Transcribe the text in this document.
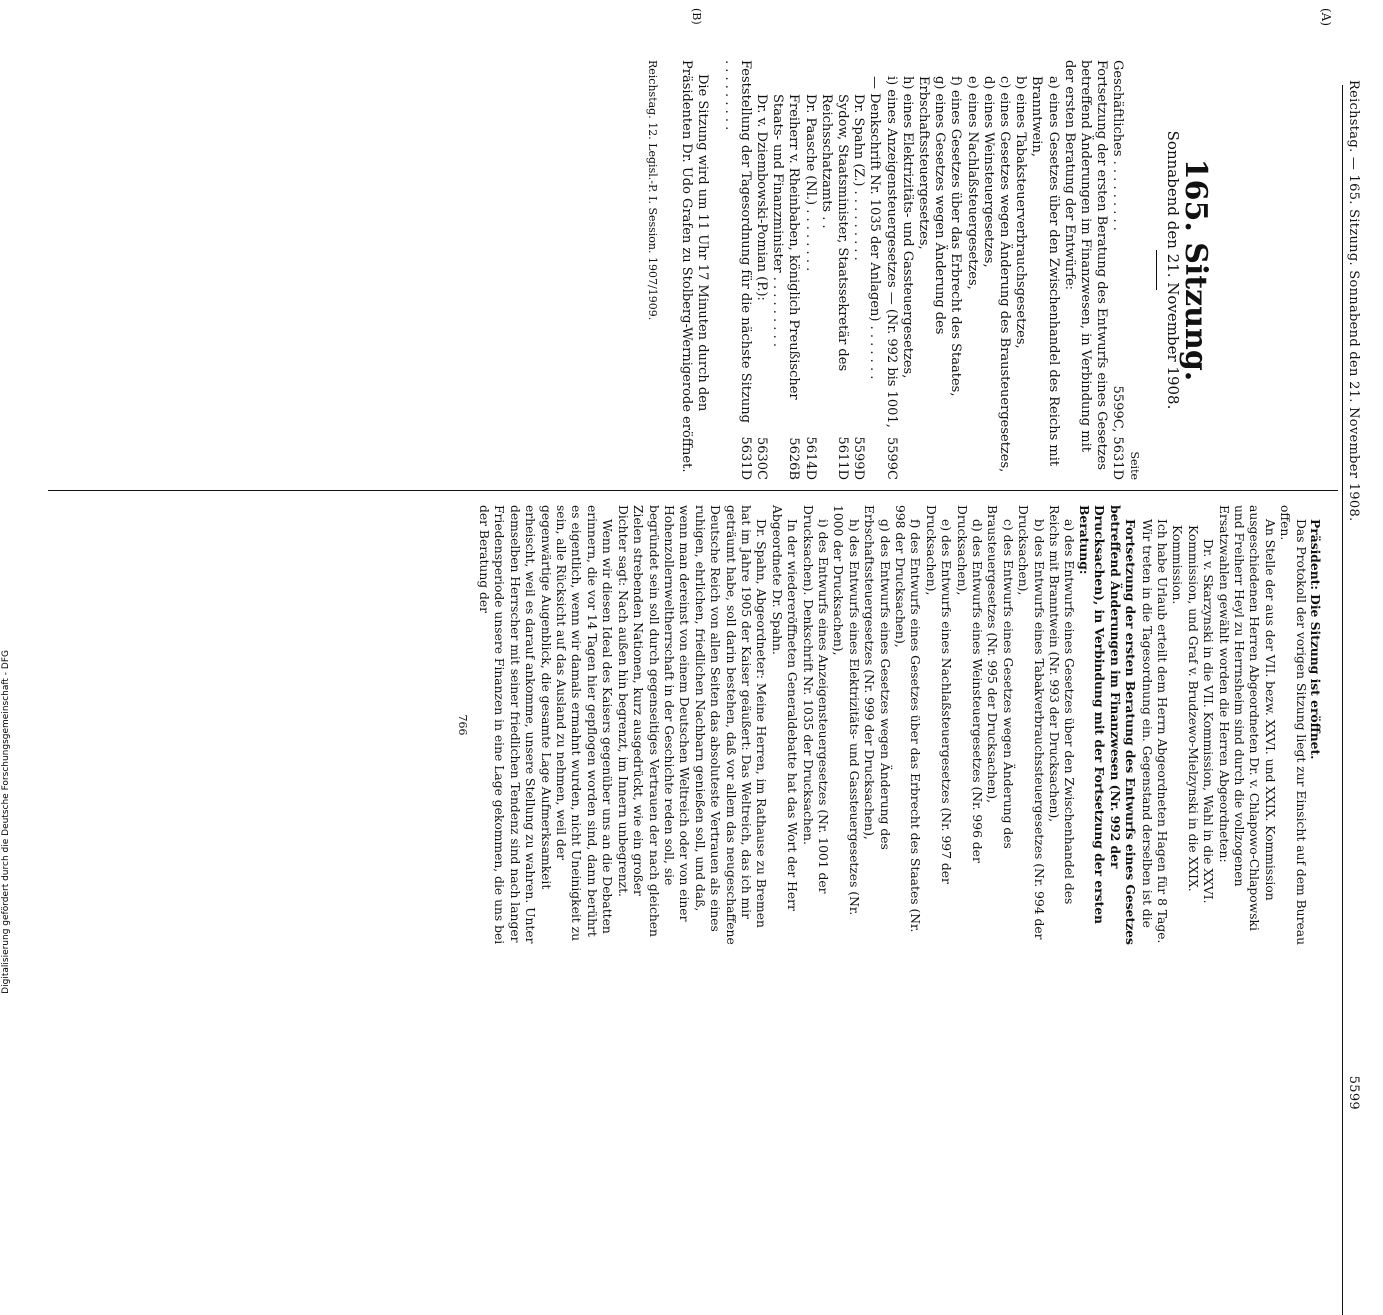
Reichstag. — 165. Sitzung. Sonnabend den 21. November 1908.
5599
(A)
(B)
165. Sitzung.
Sonnabend den 21. November 1908.
Seite
Geschäftliches . . . . . . . . .
5599C, 5631D
Fortsetzung der ersten Beratung des Entwurfs eines Gesetzes betreffend Änderungen im Finanzwesen, in Verbindung mit der ersten Beratung der Entwürfe:
a) eines Gesetzes über den Zwischenhandel des Reichs mit Branntwein,
b) eines Tabaksteuerverbrauchsgesetzes,
c) eines Gesetzes wegen Änderung des Brausteuergesetzes,
d) eines Weinsteuergesetzes,
e) eines Nachlaßsteuergesetzes,
f) eines Gesetzes über das Erbrecht des Staates,
g) eines Gesetzes wegen Änderung des Erbschaftssteuergesetzes,
h) eines Elektrizitäts- und Gassteuergesetzes,
i) eines Anzeigensteuergesetzes — (Nr. 992 bis 1001, — Denkschrift Nr. 1035 der Anlagen) . . . . . . .
5599C
Dr. Spahn (Z.) . . . . . . . . .
5599D
Sydow, Staatsminister, Staatssekretär des Reichsschatzamts . .
5611D
Dr. Paasche (Nl.) . . . . . . . .
5614D
Freiherr v. Rheinbaben, königlich Preußischer Staats- und Finanzminister . . . . . . . . .
5626B
Dr. v. Dziembowski-Pomian (P.):
5630C
Feststellung der Tagesordnung für die nächste Sitzung . . . . . . . . .
5631D

Die Sitzung wird um 11 Uhr 17 Minuten durch den Präsidenten Dr. Udo Grafen zu Stolberg-Wernigerode eröffnet.

Reichstag. 12. Legisl.-P. I. Session. 1907/1909.

Präsident: Die Sitzung ist eröffnet.

Das Protokoll der vorigen Sitzung liegt zur Einsicht auf dem Bureau offen.

An Stelle der aus der VII. bezw. XXVI. und XXIX. Kommission ausgeschiedenen Herren Abgeordneten Dr. v. Chlapowo-Chlapowski und Freiherr Heyl zu Herrnsheim sind durch die vollzogenen Ersatzwahlen gewählt worden die Herren Abgeordneten:

Dr. v. Skarzynski in die VII. Kommission, Wahl in die XXVI. Kommission, und Graf v. Brudzewo-Mielzynski in die XXIX. Kommission.

Ich habe Urlaub erteilt dem Herrn Abgeordneten Hagen für 8 Tage.

Wir treten in die Tagesordnung ein. Gegenstand derselben ist die

Fortsetzung der ersten Beratung des Entwurfs eines Gesetzes betreffend Änderungen im Finanzwesen (Nr. 992 der Drucksachen), in Verbindung mit der Fortsetzung der ersten Beratung:

a) des Entwurfs eines Gesetzes über den Zwischenhandel des Reichs mit Branntwein (Nr. 993 der Drucksachen),

b) des Entwurfs eines Tabakverbrauchssteuergesetzes (Nr. 994 der Drucksachen),

c) des Entwurfs eines Gesetzes wegen Änderung des Brausteuergesetzes (Nr. 995 der Drucksachen),

d) des Entwurfs eines Weinsteuergesetzes (Nr. 996 der Drucksachen),

e) des Entwurfs eines Nachlaßsteuergesetzes (Nr. 997 der Drucksachen),

f) des Entwurfs eines Gesetzes über das Erbrecht des Staates (Nr. 998 der Drucksachen),

g) des Entwurfs eines Gesetzes wegen Änderung des Erbschaftssteuergesetzes (Nr. 999 der Drucksachen),

h) des Entwurfs eines Elektrizitäts- und Gassteuergesetzes (Nr. 1000 der Drucksachen),

i) des Entwurfs eines Anzeigensteuergesetzes (Nr. 1001 der Drucksachen). Denkschrift Nr. 1035 der Drucksachen.

In der wiedereröffneten Generaldebatte hat das Wort der Herr Abgeordnete Dr. Spahn.

Dr. Spahn, Abgeordneter: Meine Herren, im Rathause zu Bremen hat im Jahre 1905 der Kaiser geäußert: Das Weltreich, das ich mir geträumt habe, soll darin bestehen, daß vor allem das neugeschaffene Deutsche Reich von allen Seiten das absoluteste Vertrauen als eines ruhigen, ehrlichen, friedlichen Nachbarn genießen soll, und daß, wenn man dereinst von einem Deutschen Weltreich oder von einer Hohenzollernweltherrschaft in der Geschichte reden soll, sie begründet sein soll durch gegenseitiges Vertrauen der nach gleichen Zielen strebenden Nationen, kurz ausgedrückt, wie ein großer Dichter sagt: Nach außen hin begrenzt, im Innern unbegrenzt.

Wenn wir diesen Ideal des Kaisers gegenüber uns an die Debatten erinnern, die vor 14 Tagen hier gepflogen worden sind, dann berührt es eigentlich, wenn wir damals ermahnt wurden, nicht Uneinigkeit zu sein, alle Rücksicht auf das Ausland zu nehmen, weil der gegenwärtige Augenblick, die gesamte Lage Aufmerksamkeit erheischt, weil es darauf ankomme, unsere Stellung zu wahren. Unter demselben Herrscher mit seiner friedlichen Tendenz sind nach langer Friedensperiode unsere Finanzen in eine Lage gekommen, die uns bei der Beratung der

766
Digitalisierung gefördert durch die Deutsche Forschungsgemeinschaft - DFG
